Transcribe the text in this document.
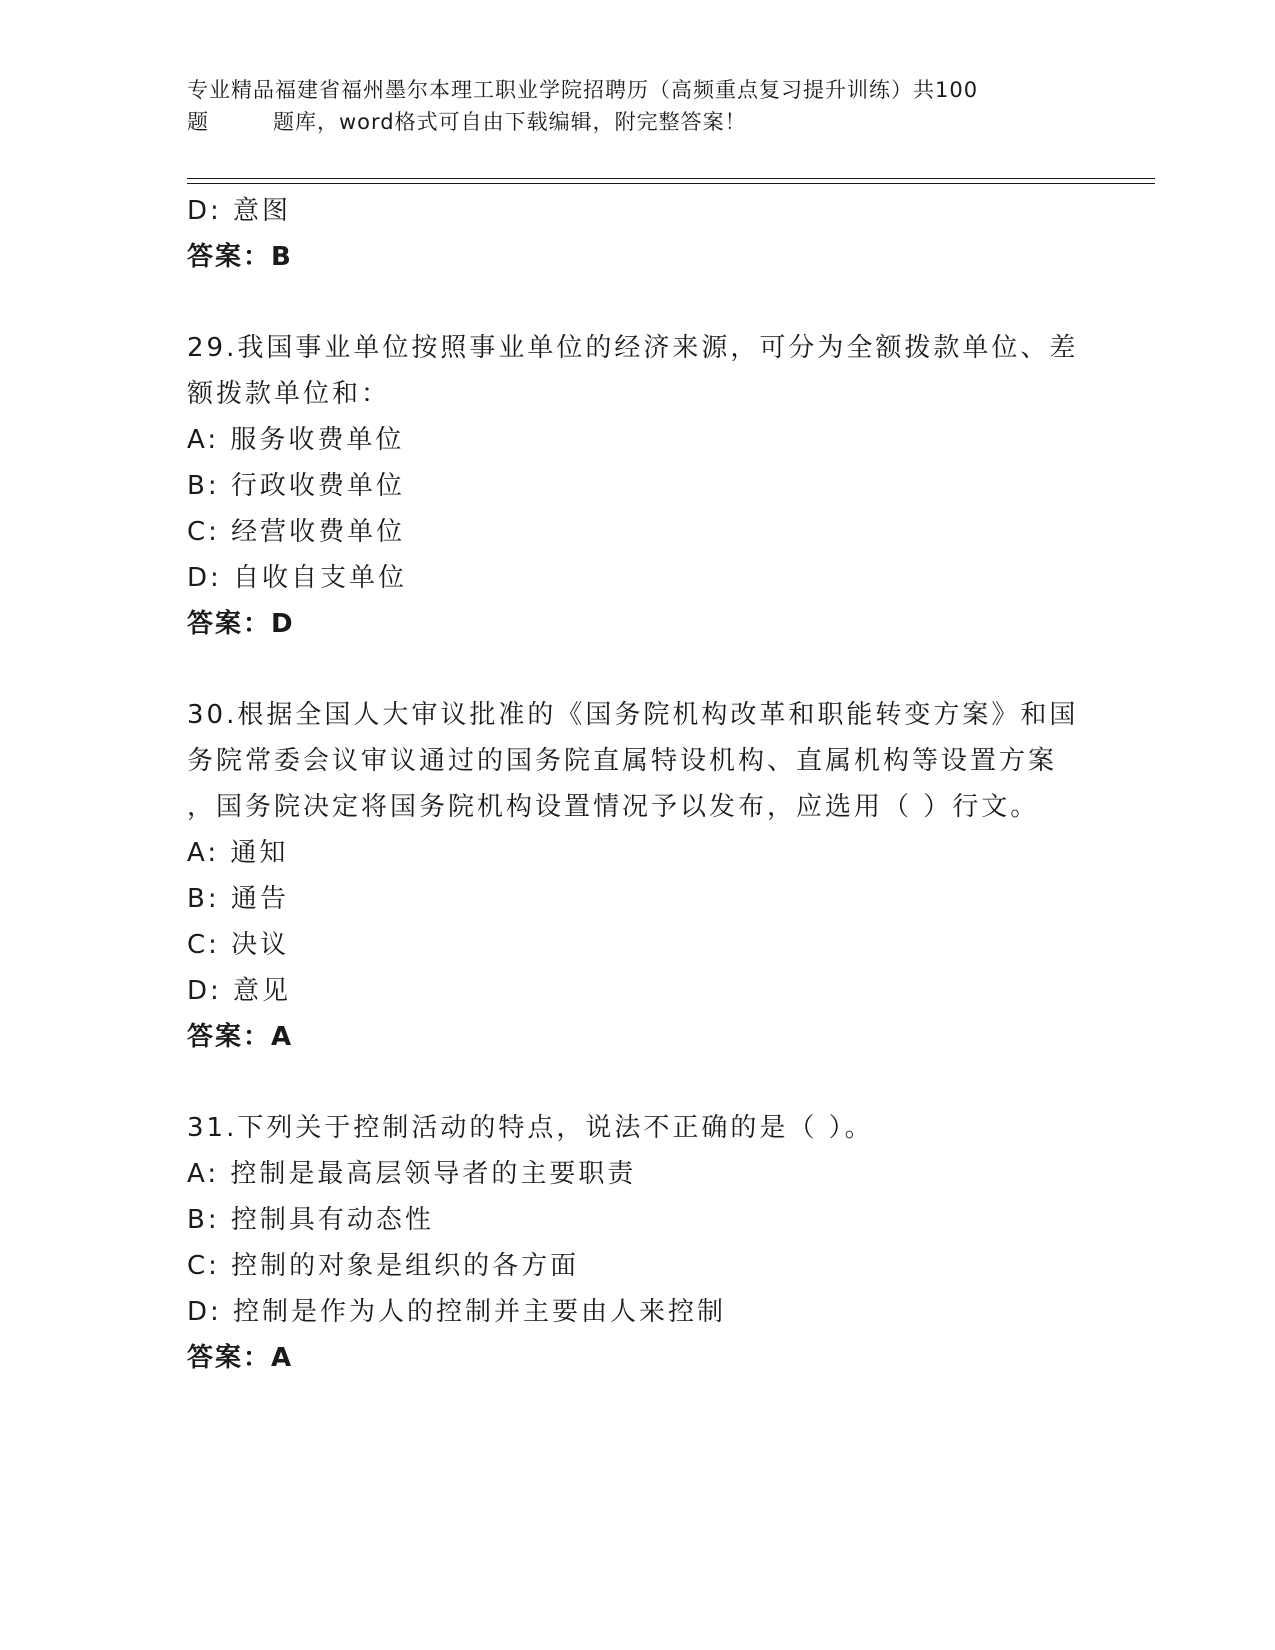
专业精品福建省福州墨尔本理工职业学院招聘历（高频重点复习提升训练）共100
题	题库，word格式可自由下载编辑，附完整答案！
D: 意图
答案：B
29.我国事业单位按照事业单位的经济来源，可分为全额拨款单位、差
额拨款单位和：
A: 服务收费单位
B: 行政收费单位
C: 经营收费单位
D: 自收自支单位
答案：D
30.根据全国人大审议批准的《国务院机构改革和职能转变方案》和国
务院常委会议审议通过的国务院直属特设机构、直属机构等设置方案
，国务院决定将国务院机构设置情况予以发布，应选用（ ）行文。
A: 通知
B: 通告
C: 决议
D: 意见
答案：A
31.下列关于控制活动的特点，说法不正确的是（ ）。
A: 控制是最高层领导者的主要职责
B: 控制具有动态性
C: 控制的对象是组织的各方面
D: 控制是作为人的控制并主要由人来控制
答案：A
